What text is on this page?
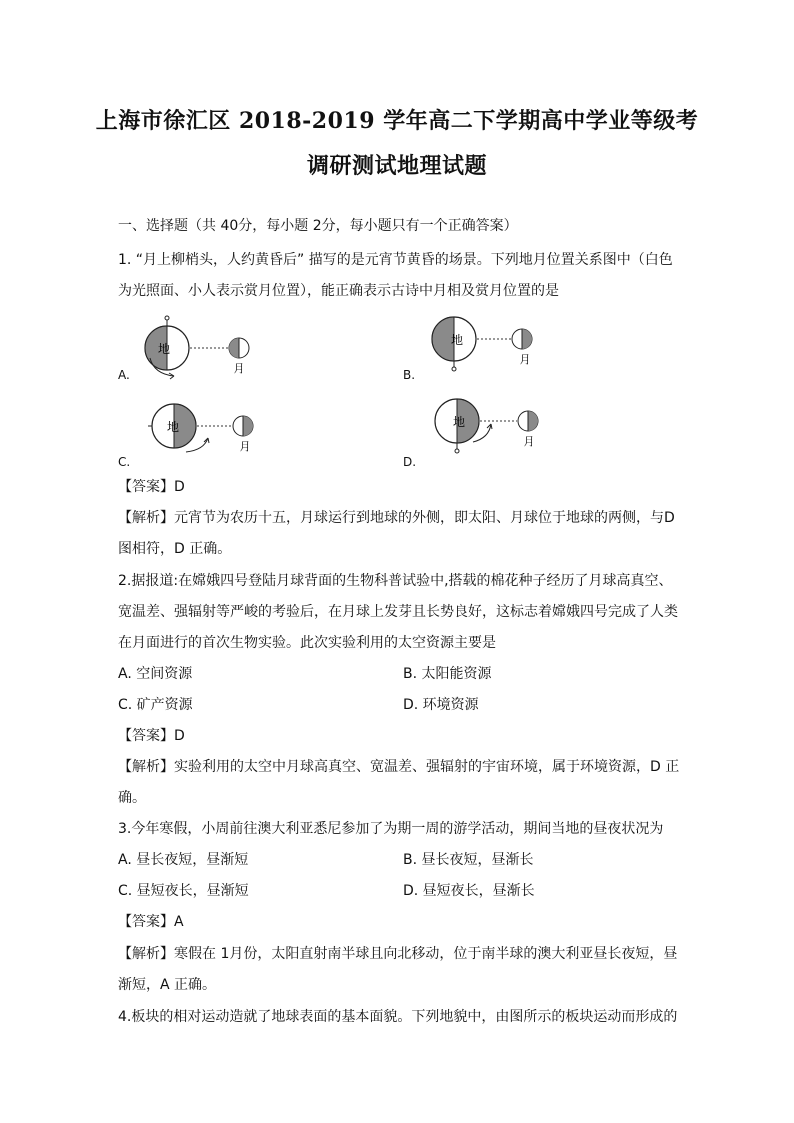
上海市徐汇区 2018-2019 学年高二下学期高中学业等级考
调研测试地理试题
一、选择题（共 40分，每小题 2分，每小题只有一个正确答案）
1. “月上柳梢头，人约黄昏后” 描写的是元宵节黄昏的场景。下列地月位置关系图中（白色
为光照面、小人表示赏月位置），能正确表示古诗中月相及赏月位置的是
地
月
A.
地
月
B.
地
月
C.
地
月
D.
【答案】D
【解析】元宵节为农历十五，月球运行到地球的外侧，即太阳、月球位于地球的两侧，与D
图相符，D 正确。
2.据报道:在嫦娥四号登陆月球背面的生物科普试验中,搭载的棉花种子经历了月球高真空、
宽温差、强辐射等严峻的考验后，在月球上发芽且长势良好，这标志着嫦娥四号完成了人类
在月面进行的首次生物实验。此次实验利用的太空资源主要是
A. 空间资源	B. 太阳能资源
C. 矿产资源	D. 环境资源
【答案】D
【解析】实验利用的太空中月球高真空、宽温差、强辐射的宇宙环境，属于环境资源，D 正
确。
3.今年寒假，小周前往澳大利亚悉尼参加了为期一周的游学活动，期间当地的昼夜状况为
A. 昼长夜短，昼渐短	B. 昼长夜短，昼渐长
C. 昼短夜长，昼渐短	D. 昼短夜长，昼渐长
【答案】A
【解析】寒假在 1月份，太阳直射南半球且向北移动，位于南半球的澳大利亚昼长夜短，昼
渐短，A 正确。
4.板块的相对运动造就了地球表面的基本面貌。下列地貌中，由图所示的板块运动而形成的
